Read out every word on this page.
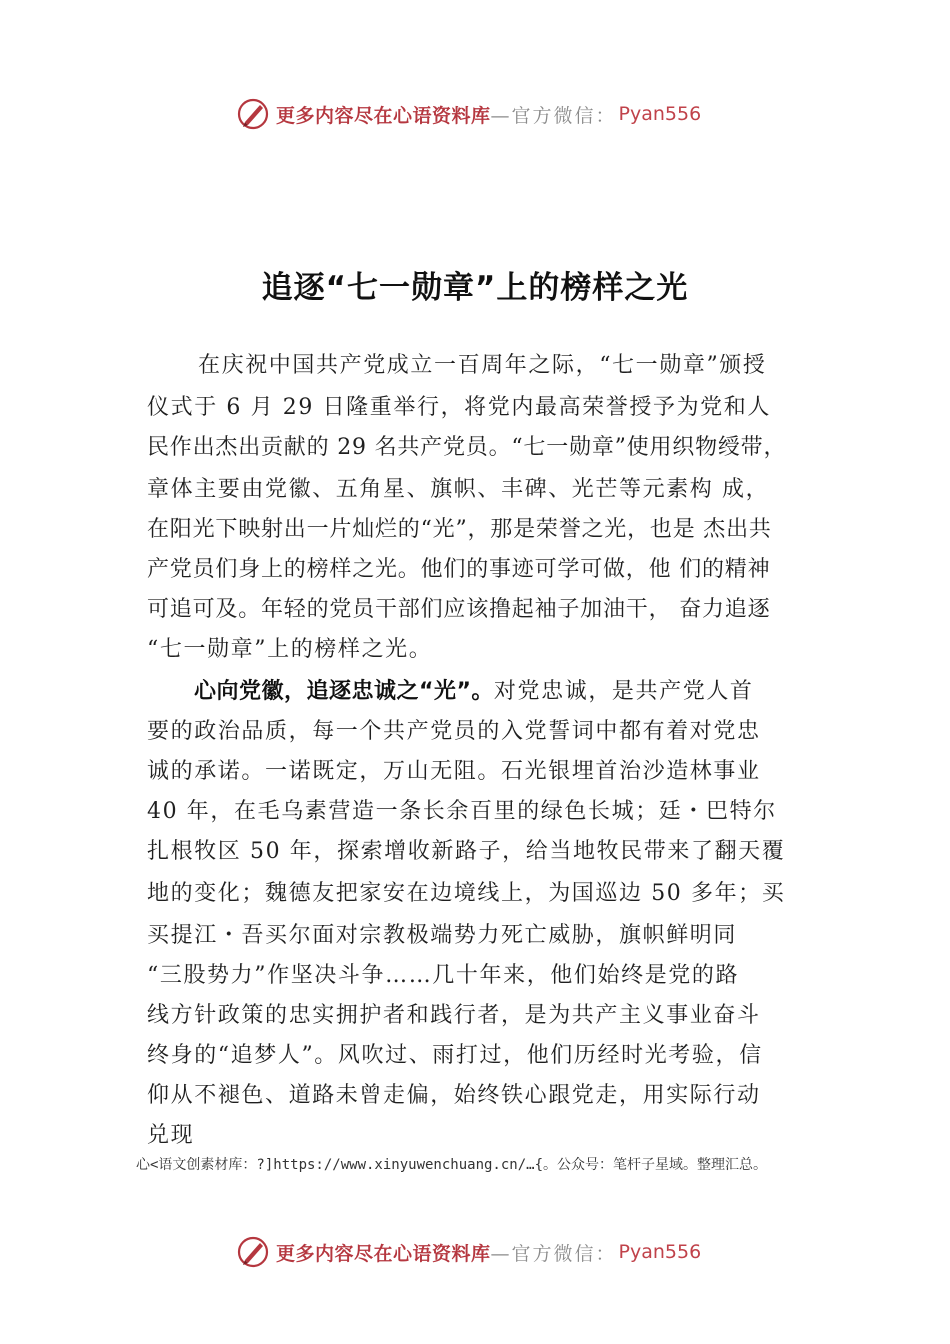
更多内容尽在心语资料库 —官方微信： Pyan556
追逐“七一勋章”上的榜样之光
在庆祝中国共产党成立一百周年之际，“七一勋章”颁授
仪式于 6 月 29 日隆重举行，将党内最高荣誉授予为党和人
民作出杰出贡献的 29 名共产党员。“七一勋章”使用织物绶带，
章体主要由党徽、五角星、旗帜、丰碑、光芒等元素构 成，
在阳光下映射出一片灿烂的“光”，那是荣誉之光，也是 杰出共
产党员们身上的榜样之光。他们的事迹可学可做，他 们的精神
可追可及。年轻的党员干部们应该撸起袖子加油干， 奋力追逐
“七一勋章”上的榜样之光。
心向党徽，追逐忠诚之“光”。对党忠诚，是共产党人首
要的政治品质，每一个共产党员的入党誓词中都有着对党忠
诚的承诺。一诺既定，万山无阻。石光银埋首治沙造林事业
40 年，在毛乌素营造一条长余百里的绿色长城；廷・巴特尔
扎根牧区 50 年，探索增收新路子，给当地牧民带来了翻天覆
地的变化；魏德友把家安在边境线上，为国巡边 50 多年；买
买提江・吾买尔面对宗教极端势力死亡威胁，旗帜鲜明同
“三股势力”作坚决斗争……几十年来，他们始终是党的路
线方针政策的忠实拥护者和践行者，是为共产主义事业奋斗
终身的“追梦人”。风吹过、雨打过，他们历经时光考验，信
仰从不褪色、道路未曾走偏，始终铁心跟党走，用实际行动
兑现
心<语文创素材库：?]https://www.xinyuwenchuang.cn/…{。公众号：笔杆子星域。整理汇总。
更多内容尽在心语资料库 —官方微信： Pyan556
